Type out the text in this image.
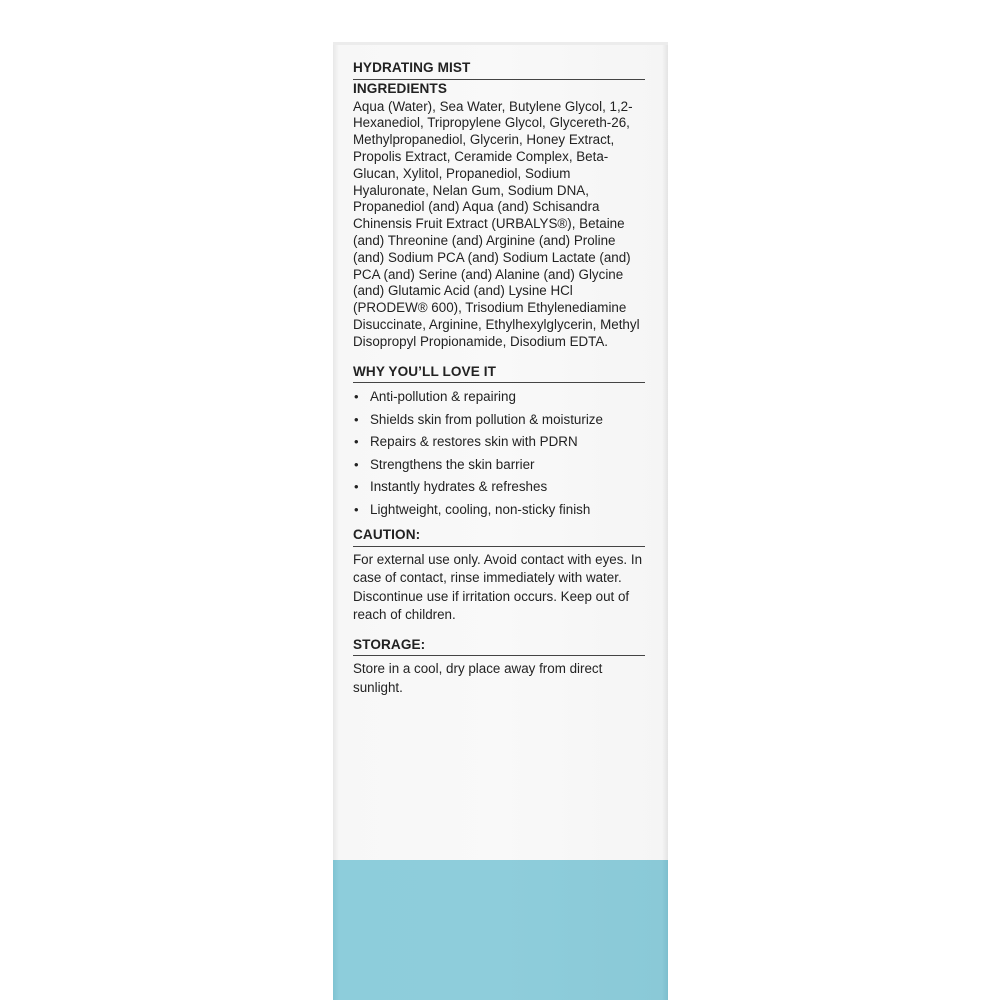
HYDRATING MIST
INGREDIENTS

Aqua (Water), Sea Water, Butylene Glycol, 1,2-Hexanediol, Tripropylene Glycol, Glycereth-26, Methylpropanediol, Glycerin, Honey Extract, Propolis Extract, Ceramide Complex, Beta-Glucan, Xylitol, Propanediol, Sodium Hyaluronate, Nelan Gum, Sodium DNA, Propanediol (and) Aqua (and) Schisandra Chinensis Fruit Extract (URBALYS®), Betaine (and) Threonine (and) Arginine (and) Proline (and) Sodium PCA (and) Sodium Lactate (and) PCA (and) Serine (and) Alanine (and) Glycine (and) Glutamic Acid (and) Lysine HCl (PRODEW® 600), Trisodium Ethylenediamine Disuccinate, Arginine, Ethylhexylglycerin, Methyl Disopropyl Propionamide, Disodium EDTA.

WHY YOU’LL LOVE IT
• Anti-pollution & repairing
• Shields skin from pollution & moisturize
• Repairs & restores skin with PDRN
• Strengthens the skin barrier
• Instantly hydrates & refreshes
• Lightweight, cooling, non-sticky finish
CAUTION:

For external use only. Avoid contact with eyes. In case of contact, rinse immediately with water. Discontinue use if irritation occurs. Keep out of reach of children.

STORAGE:

Store in a cool, dry place away from direct sunlight.
